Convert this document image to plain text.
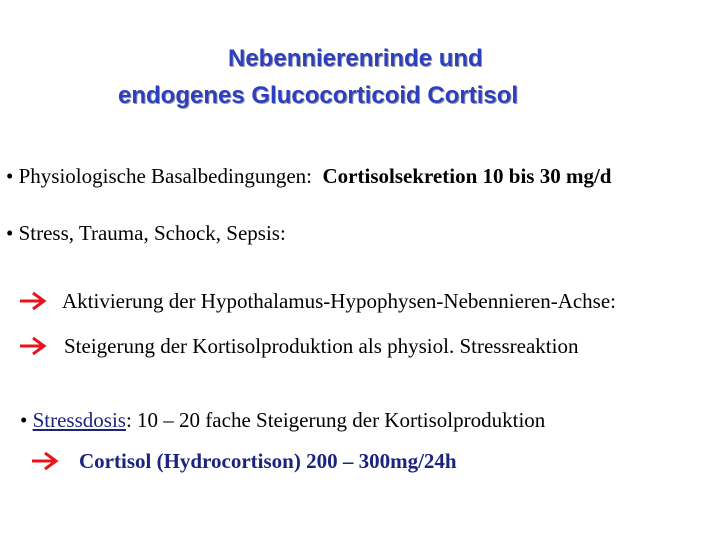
Nebennierenrinde und
endogenes Glucocorticoid Cortisol
• Physiologische Basalbedingungen:  Cortisolsekretion 10 bis 30 mg/d
• Stress, Trauma, Schock, Sepsis:
Aktivierung der Hypothalamus-Hypophysen-Nebennieren-Achse:
Steigerung der Kortisolproduktion als physiol. Stressreaktion
• Stressdosis: 10 – 20 fache Steigerung der Kortisolproduktion
Cortisol (Hydrocortison) 200 – 300mg/24h
